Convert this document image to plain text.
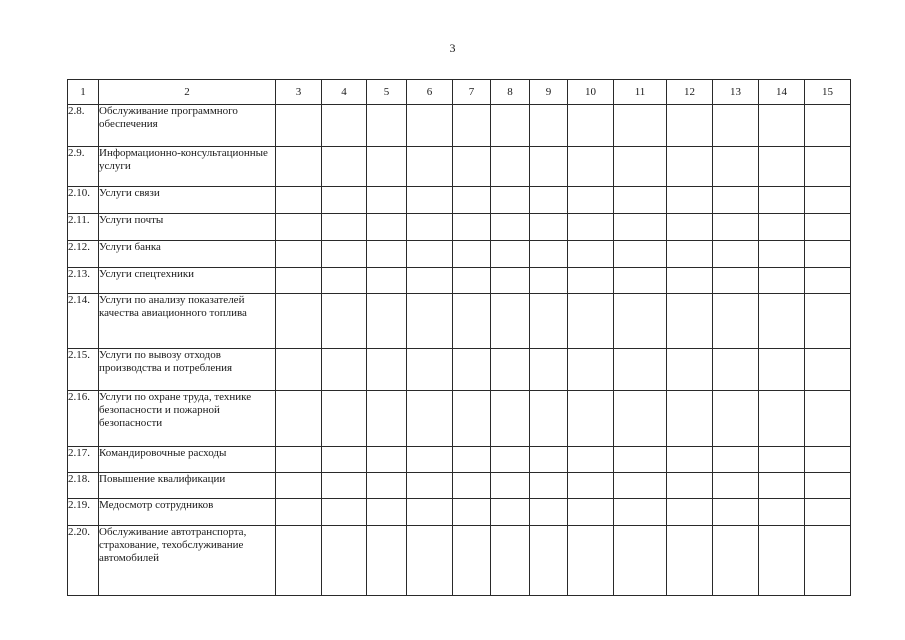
3
1	2	3	4	5	6	7	8	9	10	11	12	13	14	15
2.8.	Обслуживание программного обеспечения													
2.9.	Информационно-консультационные услуги													
2.10.	Услуги связи													
2.11.	Услуги почты													
2.12.	Услуги банка													
2.13.	Услуги спецтехники													
2.14.	Услуги по анализу показателей качества авиационного топлива													
2.15.	Услуги по вывозу отходов производства и потребления													
2.16.	Услуги по охране труда, технике безопасности и пожарной безопасности													
2.17.	Командировочные расходы													
2.18.	Повышение квалификации													
2.19.	Медосмотр сотрудников													
2.20.	Обслуживание автотранспорта, страхование, техобслуживание автомобилей													
